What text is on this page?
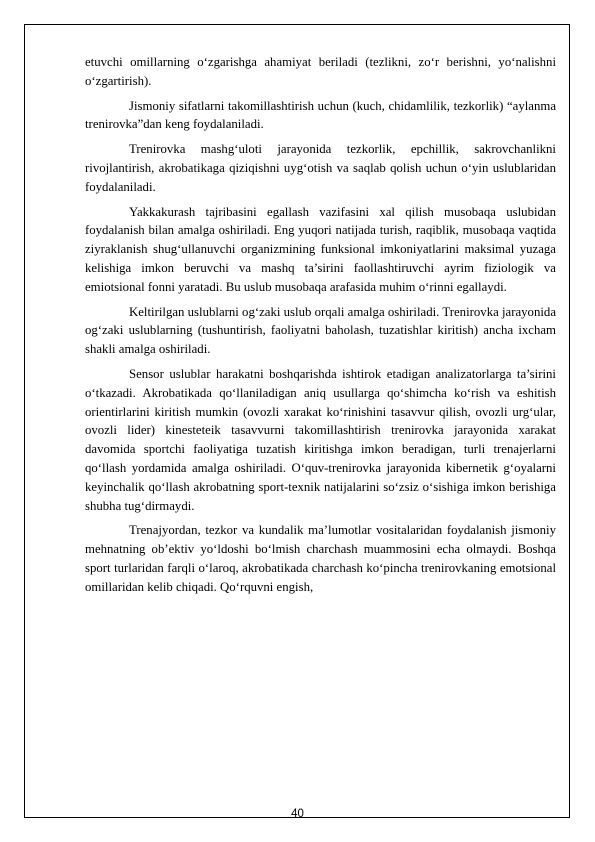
etuvchi omillarning o‘zgarishga ahamiyat beriladi (tezlikni, zo‘r berishni, yo‘nalishni o‘zgartirish).

Jismoniy sifatlarni takomillashtirish uchun (kuch, chidamlilik, tezkorlik) “aylanma trenirovka”dan keng foydalaniladi.

Trenirovka mashg‘uloti jarayonida tezkorlik, epchillik, sakrovchanlikni rivojlantirish, akrobatikaga qiziqishni uyg‘otish va saqlab qolish uchun o‘yin uslublaridan foydalaniladi.

Yakkakurash tajribasini egallash vazifasini xal qilish musobaqa uslubidan foydalanish bilan amalga oshiriladi. Eng yuqori natijada turish, raqiblik, musobaqa vaqtida ziyraklanish shug‘ullanuvchi organizmining funksional imkoniyatlarini maksimal yuzaga kelishiga imkon beruvchi va mashq ta’sirini faollashtiruvchi ayrim fiziologik va emiotsional fonni yaratadi. Bu uslub musobaqa arafasida muhim o‘rinni egallaydi.

Keltirilgan uslublarni og‘zaki uslub orqali amalga oshiriladi. Trenirovka jarayonida og‘zaki uslublarning (tushuntirish, faoliyatni baholash, tuzatishlar kiritish) ancha ixcham shakli amalga oshiriladi.

Sensor uslublar harakatni boshqarishda ishtirok etadigan analizatorlarga ta’sirini o‘tkazadi. Akrobatikada qo‘llaniladigan aniq usullarga qo‘shimcha ko‘rish va eshitish orientirlarini kiritish mumkin (ovozli xarakat ko‘rinishini tasavvur qilish, ovozli urg‘ular, ovozli lider) kinesteteik tasavvurni takomillashtirish trenirovka jarayonida xarakat davomida sportchi faoliyatiga tuzatish kiritishga imkon beradigan, turli trenajerlarni qo‘llash yordamida amalga oshiriladi. O‘quv-trenirovka jarayonida kibernetik g‘oyalarni keyinchalik qo‘llash akrobatning sport-texnik natijalarini so‘zsiz o‘sishiga imkon berishiga shubha tug‘dirmaydi.

Trenajyordan, tezkor va kundalik ma’lumotlar vositalaridan foydalanish jismoniy mehnatning ob’ektiv yo‘ldoshi bo‘lmish charchash muammosini echa olmaydi. Boshqa sport turlaridan farqli o‘laroq, akrobatikada charchash ko‘pincha trenirovkaning emotsional omillaridan kelib chiqadi. Qo‘rquvni engish,

40
